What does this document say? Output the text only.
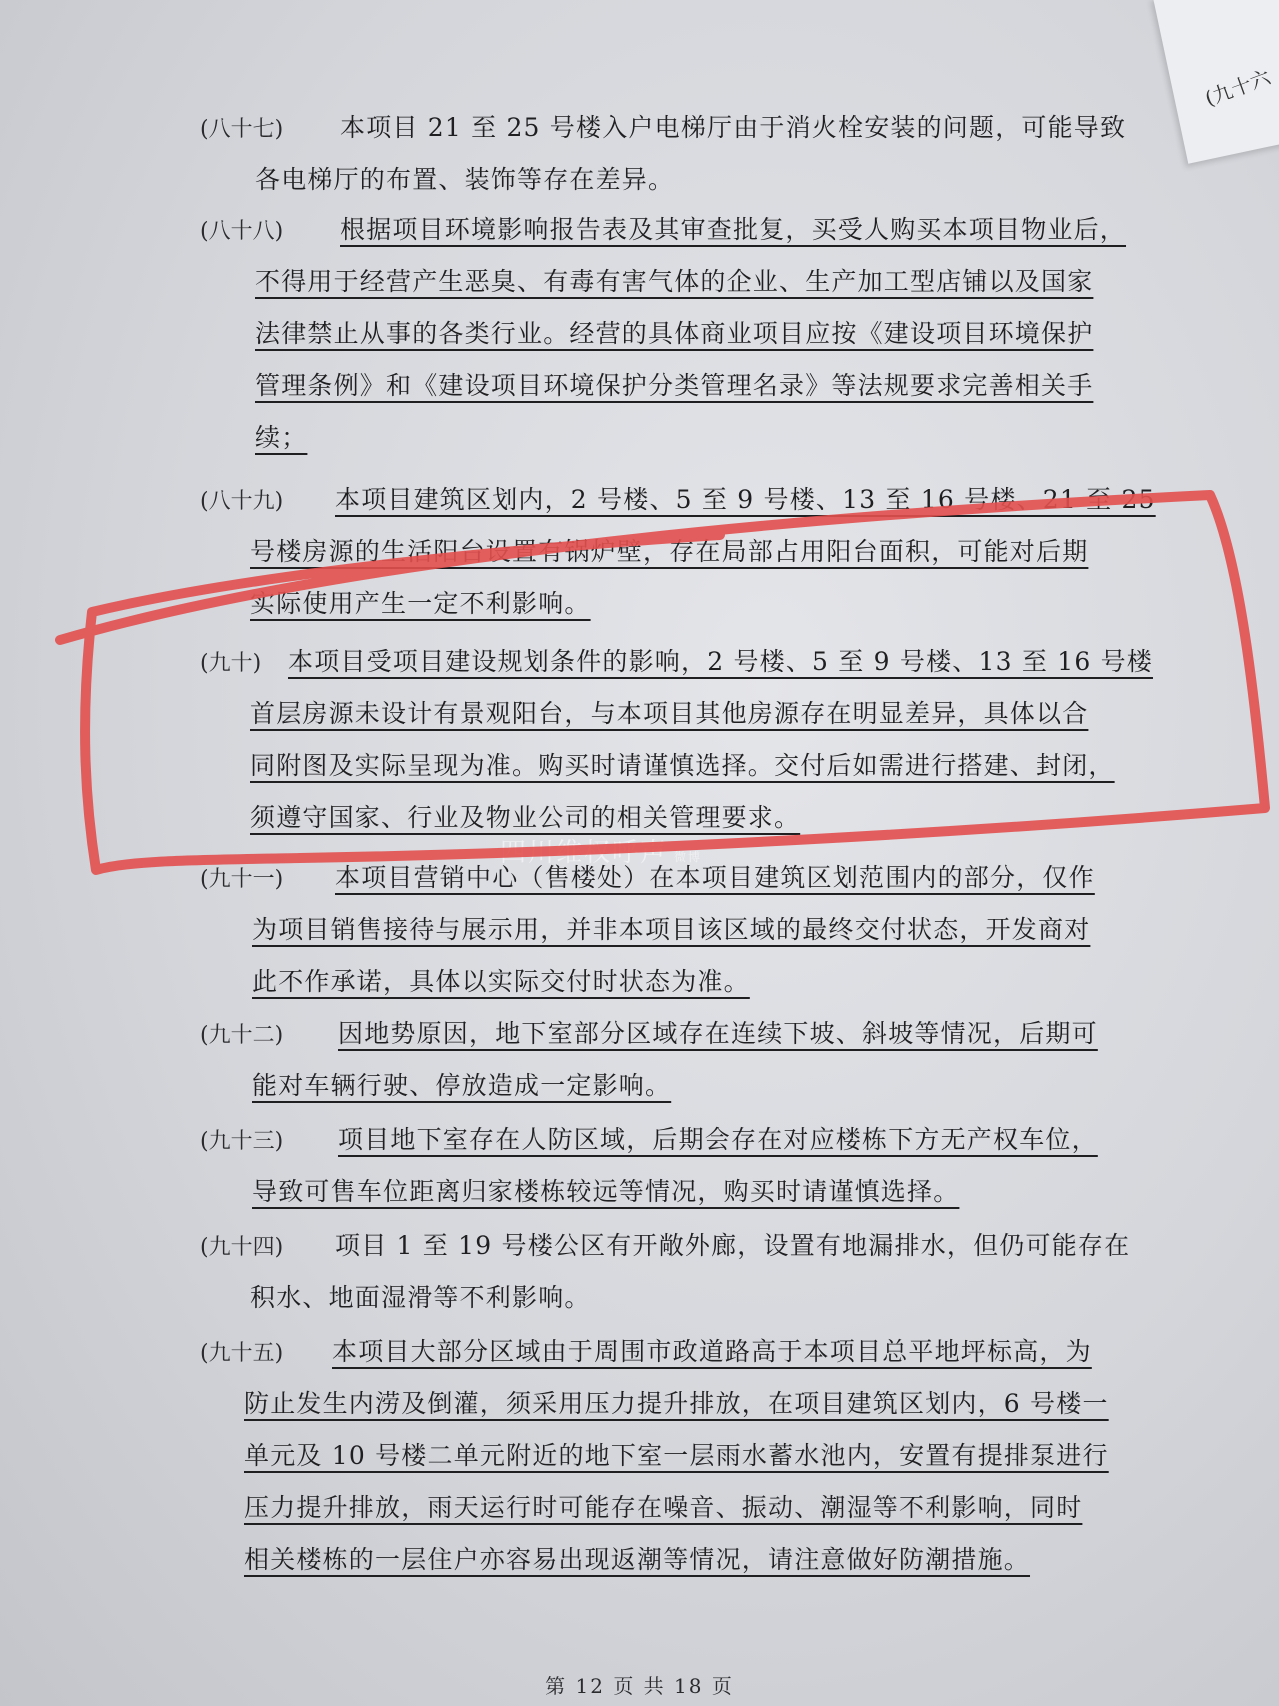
(九十六
(八十七) 本项目 21 至 25 号楼入户电梯厅由于消火栓安装的问题，可能导致
各电梯厅的布置、装饰等存在差异。
(八十八) 根据项目环境影响报告表及其审查批复，买受人购买本项目物业后，
不得用于经营产生恶臭、有毒有害气体的企业、生产加工型店铺以及国家
法律禁止从事的各类行业。经营的具体商业项目应按《建设项目环境保护
管理条例》和《建设项目环境保护分类管理名录》等法规要求完善相关手
续；
(八十九) 本项目建筑区划内，2 号楼、5 至 9 号楼、13 至 16 号楼、21 至 25
号楼房源的生活阳台设置有锅炉壁，存在局部占用阳台面积，可能对后期
实际使用产生一定不利影响。
(九十) 本项目受项目建设规划条件的影响，2 号楼、5 至 9 号楼、13 至 16 号楼
首层房源未设计有景观阳台，与本项目其他房源存在明显差异，具体以合
同附图及实际呈现为准。购买时请谨慎选择。交付后如需进行搭建、封闭，
须遵守国家、行业及物业公司的相关管理要求。
(九十一) 本项目营销中心（售楼处）在本项目建筑区划范围内的部分，仅作
为项目销售接待与展示用，并非本项目该区域的最终交付状态，开发商对
此不作承诺，具体以实际交付时状态为准。
(九十二) 因地势原因，地下室部分区域存在连续下坡、斜坡等情况，后期可
能对车辆行驶、停放造成一定影响。
(九十三) 项目地下室存在人防区域，后期会存在对应楼栋下方无产权车位，
导致可售车位距离归家楼栋较远等情况，购买时请谨慎选择。
(九十四) 项目 1 至 19 号楼公区有开敞外廊，设置有地漏排水，但仍可能存在
积水、地面湿滑等不利影响。
(九十五) 本项目大部分区域由于周围市政道路高于本项目总平地坪标高，为
防止发生内涝及倒灌，须采用压力提升排放，在项目建筑区划内，6 号楼一
单元及 10 号楼二单元附近的地下室一层雨水蓄水池内，安置有提排泵进行
压力提升排放，雨天运行时可能存在噪音、振动、潮湿等不利影响，同时
相关楼栋的一层住户亦容易出现返潮等情况，请注意做好防潮措施。
四川维权呼声 微博
第 12 页 共 18 页
